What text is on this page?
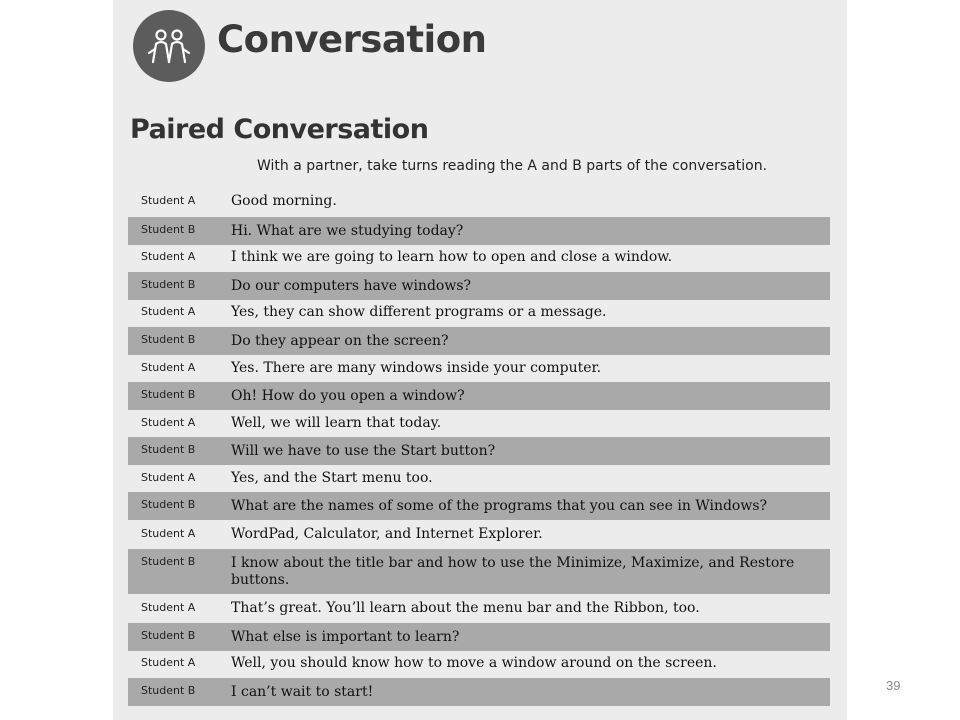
Conversation
Paired Conversation
With a partner, take turns reading the A and B parts of the conversation.
Student A	Good morning.
Student B	Hi. What are we studying today?
Student A	I think we are going to learn how to open and close a window.
Student B	Do our computers have windows?
Student A	Yes, they can show different programs or a message.
Student B	Do they appear on the screen?
Student A	Yes. There are many windows inside your computer.
Student B	Oh! How do you open a window?
Student A	Well, we will learn that today.
Student B	Will we have to use the Start button?
Student A	Yes, and the Start menu too.
Student B	What are the names of some of the programs that you can see in Windows?
Student A	WordPad, Calculator, and Internet Explorer.
Student B	I know about the title bar and how to use the Minimize, Maximize, and Restore buttons.
Student A	That’s great. You’ll learn about the menu bar and the Ribbon, too.
Student B	What else is important to learn?
Student A	Well, you should know how to move a window around on the screen.
Student B	I can’t wait to start!	39
